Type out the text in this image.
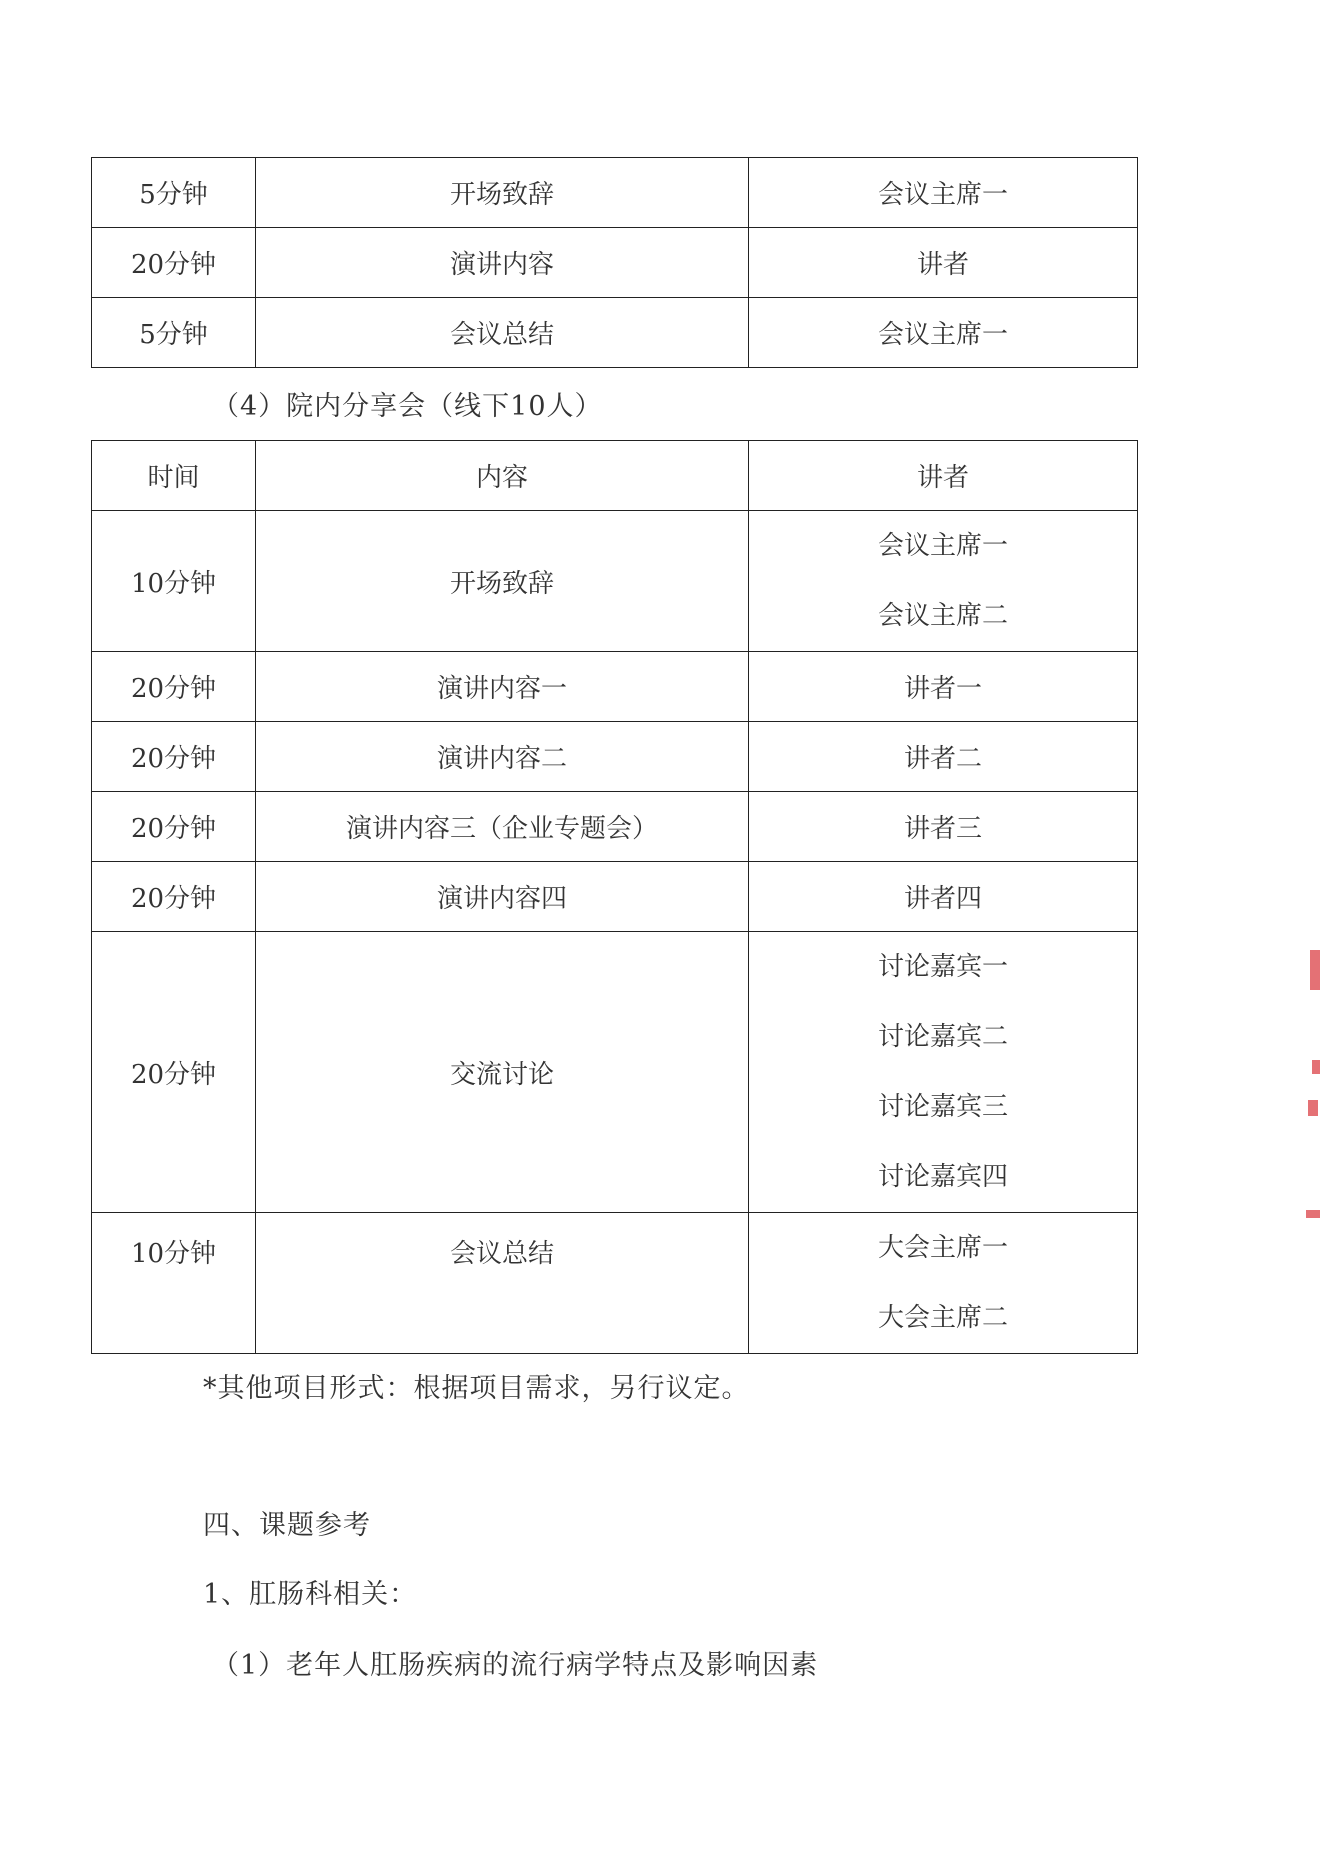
5分钟	开场致辞	会议主席一
20分钟	演讲内容	讲者
5分钟	会议总结	会议主席一
（4）院内分享会（线下10人）
时间	内容	讲者
10分钟	开场致辞	会议主席一
会议主席二

20分钟	演讲内容一	讲者一
20分钟	演讲内容二	讲者二
20分钟	演讲内容三（企业专题会）	讲者三
20分钟	演讲内容四	讲者四
20分钟	交流讨论	讨论嘉宾一
讨论嘉宾二
讨论嘉宾三
讨论嘉宾四

10分钟	会议总结	大会主席一
大会主席二
*其他项目形式：根据项目需求，另行议定。
四、课题参考
1、肛肠科相关：
（1）老年人肛肠疾病的流行病学特点及影响因素
